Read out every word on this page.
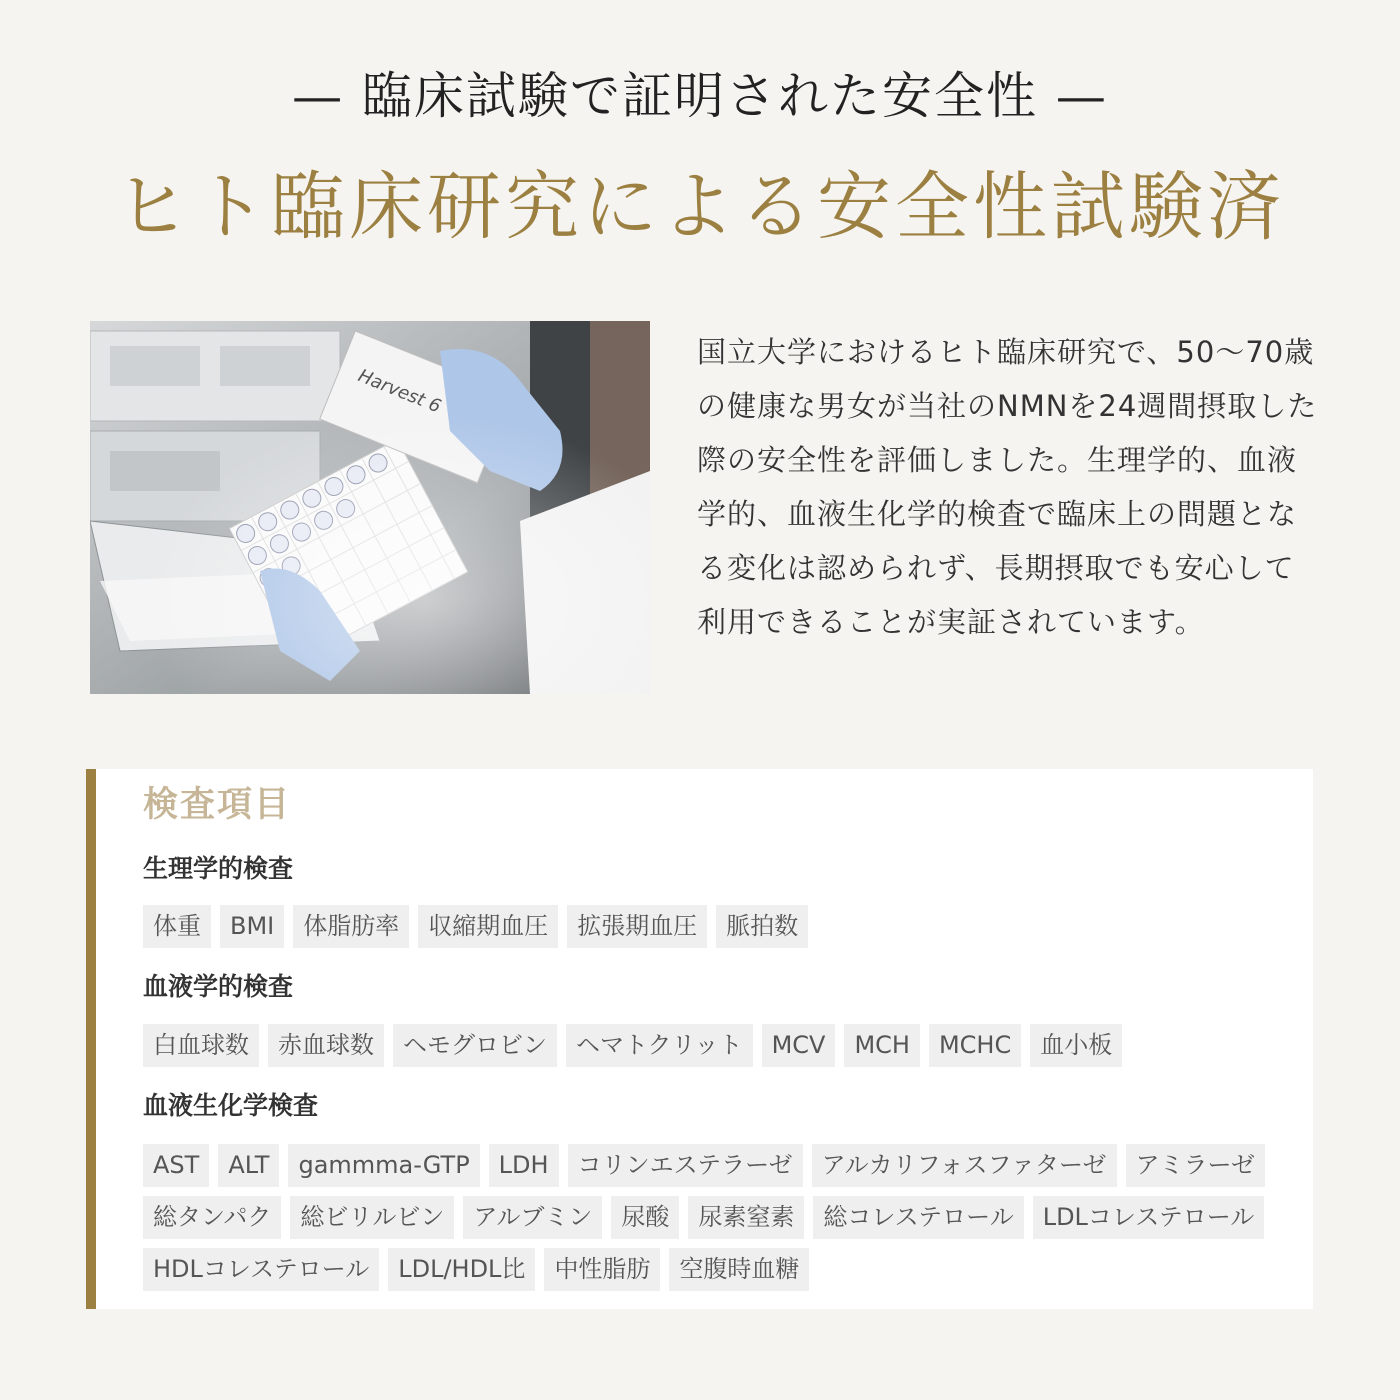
— 臨床試験で証明された安全性 —
ヒト臨床研究による安全性試験済
国立大学におけるヒト臨床研究で、50〜70歳の健康な男女が当社のNMNを24週間摂取した際の安全性を評価しました。生理学的、血液学的、血液生化学的検査で臨床上の問題となる変化は認められず、長期摂取でも安心して利用できることが実証されています。
検査項目
生理学的検査
体重	BMI	体脂肪率	収縮期血圧	拡張期血圧	脈拍数
血液学的検査
白血球数	赤血球数	ヘモグロビン	ヘマトクリット	MCV	MCH	MCHC	血小板
血液生化学検査
AST	ALT	gammma-GTP	LDH	コリンエステラーゼ	アルカリフォスファターゼ	アミラーゼ
総タンパク	総ビリルビン	アルブミン	尿酸	尿素窒素	総コレステロール	LDLコレステロール
HDLコレステロール	LDL/HDL比	中性脂肪	空腹時血糖
